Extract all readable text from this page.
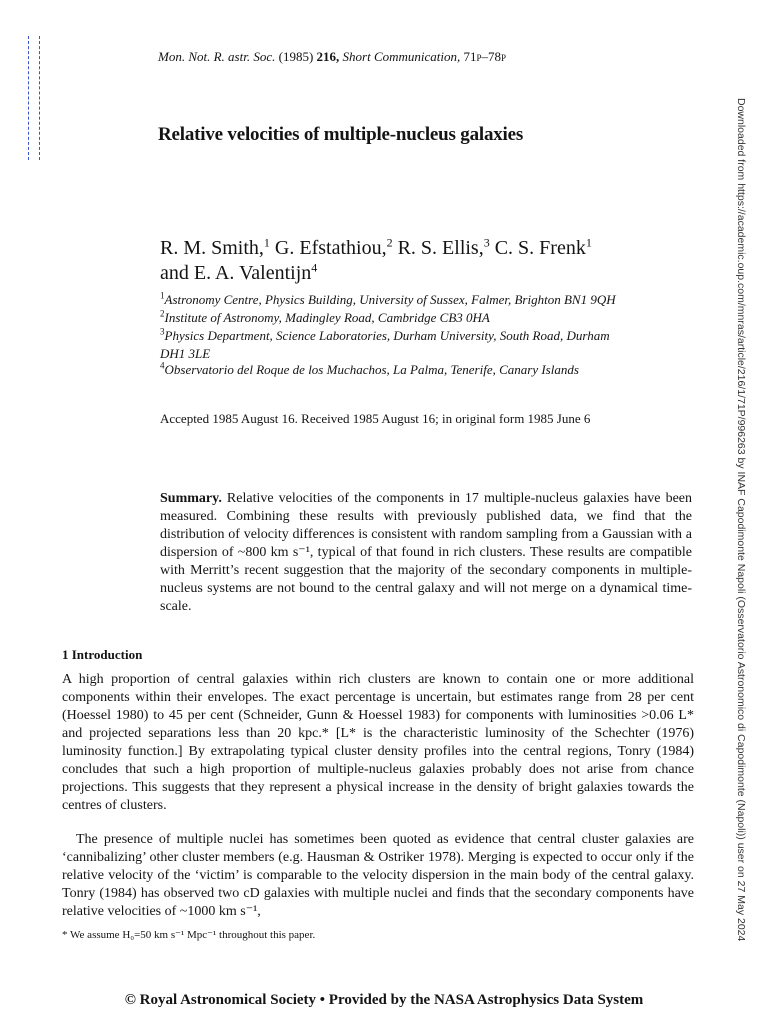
Mon. Not. R. astr. Soc. (1985) 216, Short Communication, 71P–78P
Relative velocities of multiple-nucleus galaxies
R. M. Smith,$^1$ G. Efstathiou,$^2$ R. S. Ellis,$^3$ C. S. Frenk$^1$
and E. A. Valentijn$^4$
$^1$Astronomy Centre, Physics Building, University of Sussex, Falmer, Brighton BN1 9QH
$^2$Institute of Astronomy, Madingley Road, Cambridge CB3 0HA
$^3$Physics Department, Science Laboratories, Durham University, South Road, Durham
DH1 3LE
$^4$Observatorio del Roque de los Muchachos, La Palma, Tenerife, Canary Islands
Accepted 1985 August 16. Received 1985 August 16; in original form 1985 June 6
Summary. Relative velocities of the components in 17 multiple-nucleus galaxies have been measured. Combining these results with previously published data, we find that the distribution of velocity differences is consistent with random sampling from a Gaussian with a dispersion of ~800 km s⁻¹, typical of that found in rich clusters. These results are compatible with Merritt’s recent suggestion that the majority of the secondary components in multiple-nucleus systems are not bound to the central galaxy and will not merge on a dynamical time-scale.
1 Introduction
A high proportion of central galaxies within rich clusters are known to contain one or more additional components within their envelopes. The exact percentage is uncertain, but estimates range from 28 per cent (Hoessel 1980) to 45 per cent (Schneider, Gunn & Hoessel 1983) for components with luminosities >0.06 L* and projected separations less than 20 kpc.* [L* is the characteristic luminosity of the Schechter (1976) luminosity function.] By extrapolating typical cluster density profiles into the central regions, Tonry (1984) concludes that such a high proportion of multiple-nucleus galaxies probably does not arise from chance projections. This suggests that they represent a physical increase in the density of bright galaxies towards the centres of clusters.
The presence of multiple nuclei has sometimes been quoted as evidence that central cluster galaxies are ‘cannibalizing’ other cluster members (e.g. Hausman & Ostriker 1978). Merging is expected to occur only if the relative velocity of the ‘victim’ is comparable to the velocity dispersion in the main body of the central galaxy. Tonry (1984) has observed two cD galaxies with multiple nuclei and finds that the secondary components have relative velocities of ~1000 km s⁻¹,
* We assume H₀=50 km s⁻¹ Mpc⁻¹ throughout this paper.
© Royal Astronomical Society • Provided by the NASA Astrophysics Data System
Downloaded from https://academic.oup.com/mnras/article/216/1/71P/996263 by INAF Capodimonte Napoli (Osservatorio Astronomico di Capodimonte (Napoli)) user on 27 May 2024
